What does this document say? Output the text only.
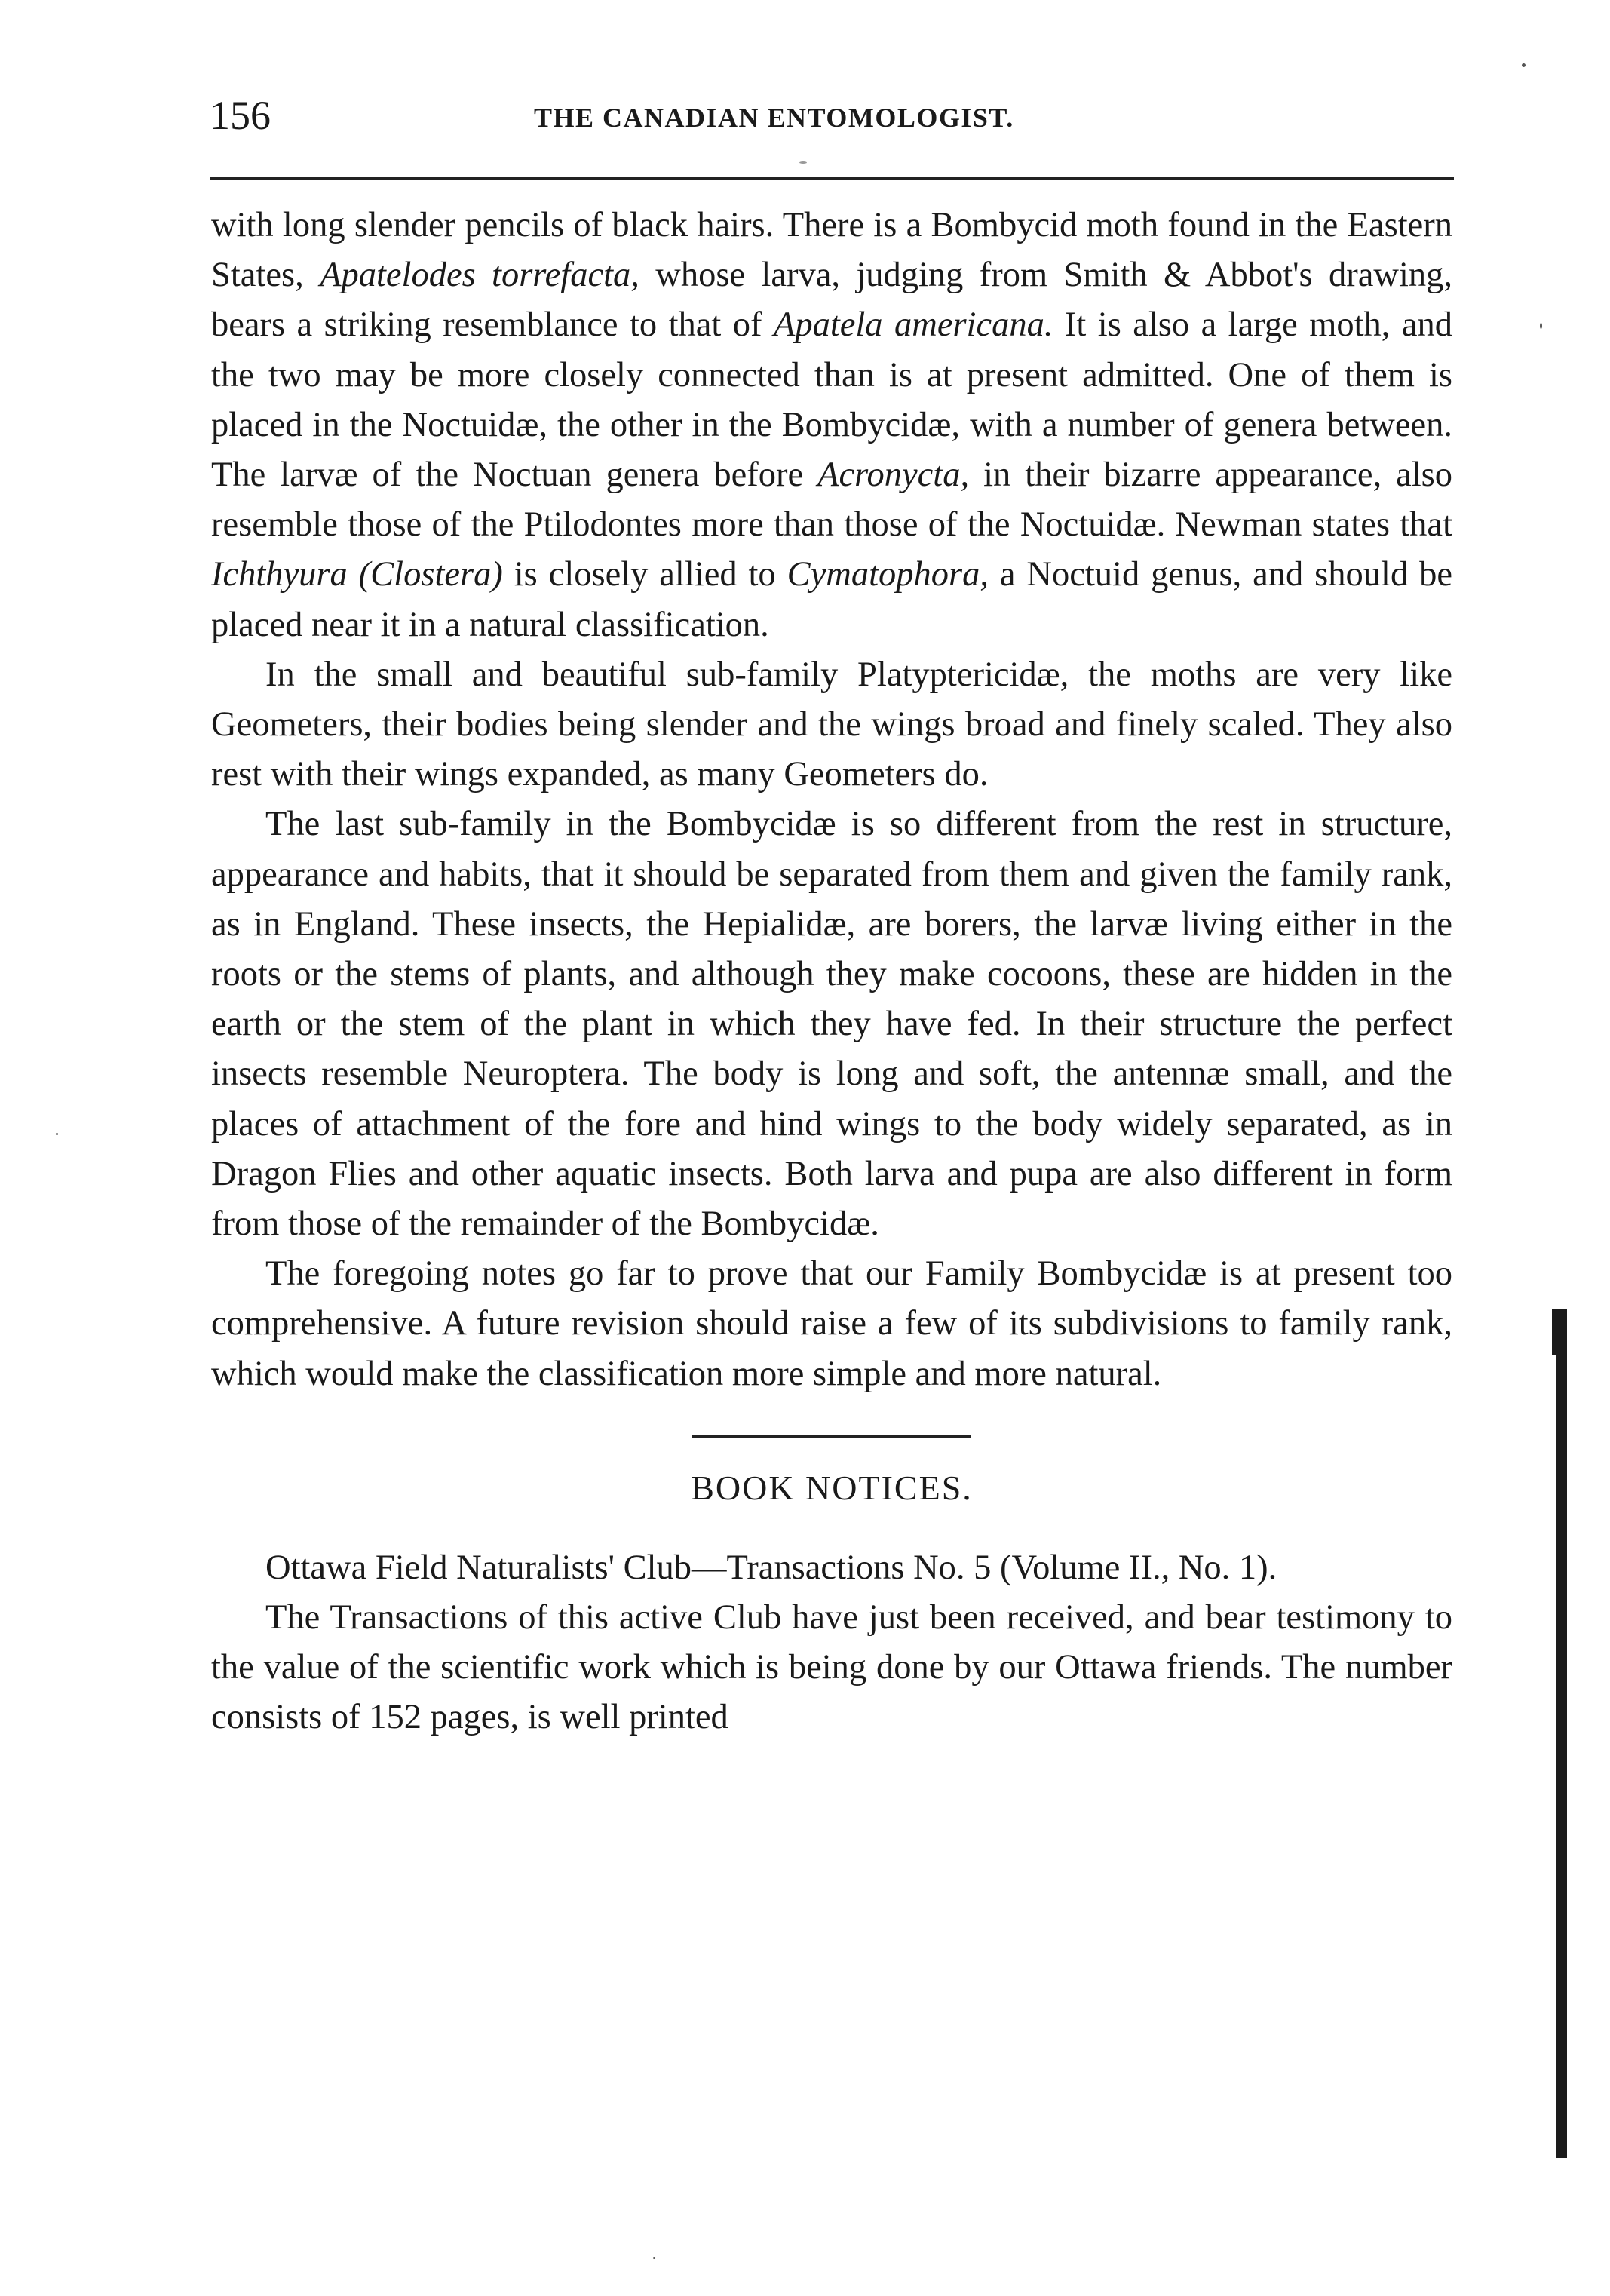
156	THE CANADIAN ENTOMOLOGIST.

with long slender pencils of black hairs. There is a Bombycid moth found in the Eastern States, Apatelodes torrefacta, whose larva, judging from Smith & Abbot's drawing, bears a striking resemblance to that of Apatela americana. It is also a large moth, and the two may be more closely connected than is at present admitted. One of them is placed in the Noctuidæ, the other in the Bombycidæ, with a number of genera between. The larvæ of the Noctuan genera before Acronycta, in their bizarre appearance, also resemble those of the Ptilodontes more than those of the Noctuidæ. Newman states that Ichthyura (Clostera) is closely allied to Cymatophora, a Noctuid genus, and should be placed near it in a natural classification.

In the small and beautiful sub-family Platyptericidæ, the moths are very like Geometers, their bodies being slender and the wings broad and finely scaled. They also rest with their wings expanded, as many Geometers do.

The last sub-family in the Bombycidæ is so different from the rest in structure, appearance and habits, that it should be separated from them and given the family rank, as in England. These insects, the Hepialidæ, are borers, the larvæ living either in the roots or the stems of plants, and although they make cocoons, these are hidden in the earth or the stem of the plant in which they have fed. In their structure the perfect insects resemble Neuroptera. The body is long and soft, the antennæ small, and the places of attachment of the fore and hind wings to the body widely separated, as in Dragon Flies and other aquatic insects. Both larva and pupa are also different in form from those of the remainder of the Bombycidæ.

The foregoing notes go far to prove that our Family Bombycidæ is at present too comprehensive. A future revision should raise a few of its subdivisions to family rank, which would make the classification more simple and more natural.

BOOK NOTICES.

Ottawa Field Naturalists' Club—Transactions No. 5 (Volume II., No. 1).

The Transactions of this active Club have just been received, and bear testimony to the value of the scientific work which is being done by our Ottawa friends. The number consists of 152 pages, is well printed
